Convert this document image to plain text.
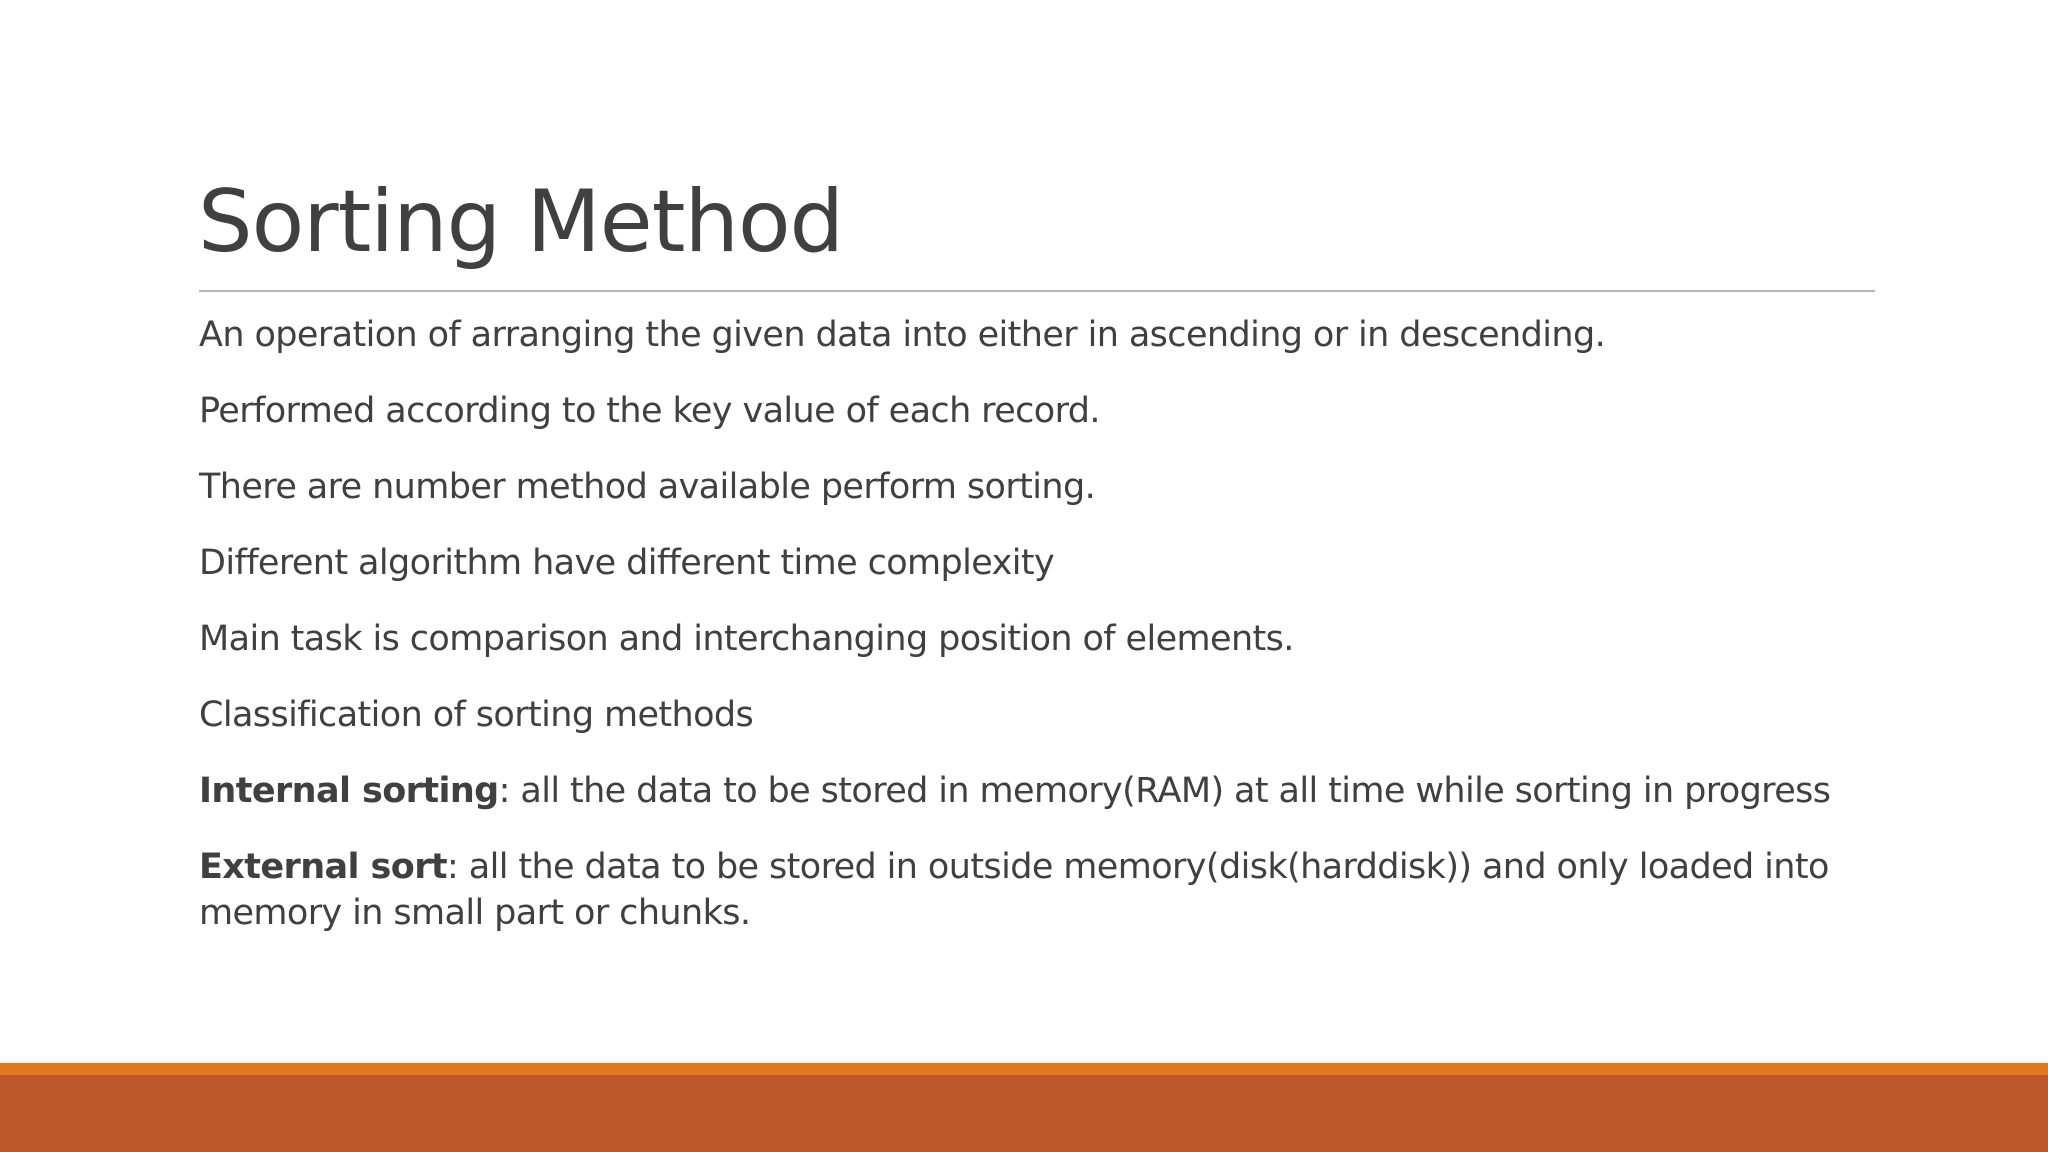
Sorting Method
An operation of arranging the given data into either in ascending or in descending.
Performed according to the key value of each record.
There are number method available perform sorting.
Different algorithm have different time complexity
Main task is comparison and interchanging position of elements.
Classification of sorting methods
Internal sorting: all the data to be stored in memory(RAM) at all time while sorting in progress
External sort: all the data to be stored in outside memory(disk(harddisk)) and only loaded into memory in small part or chunks.
